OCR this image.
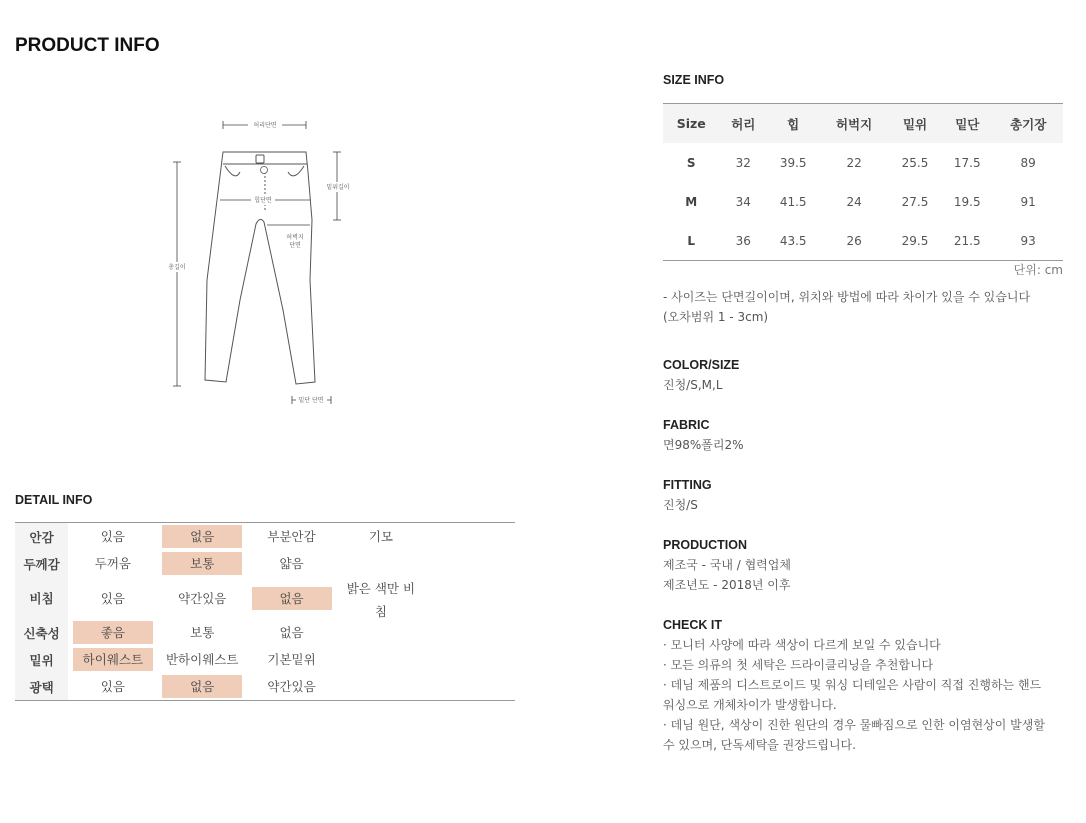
PRODUCT INFO
허리단면
총길이
밑위길이
힙단면
허벅지
단면
밑단 단면
DETAIL INFO
안감	있음	없음	부분안감	기모	
두께감	두꺼움	보통	얇음		
비침	있음	약간있음	없음	밝은 색만 비침	
신축성	좋음	보통	없음		
밑위	하이웨스트	반하이웨스트	기본밑위		
광택	있음	없음	약간있음		
SIZE INFO
Size	허리	힙	허벅지	밑위	밑단	총기장
S	32	39.5	22	25.5	17.5	89
M	34	41.5	24	27.5	19.5	91
L	36	43.5	26	29.5	21.5	93
단위: cm
- 사이즈는 단면길이이며, 위치와 방법에 따라 차이가 있을 수 있습니다
(오차범위 1 - 3cm)
COLOR/SIZE
진청/S,M,L
FABRIC
면98%폴리2%
FITTING
진청/S
PRODUCTION
제조국 - 국내 / 협력업체
제조년도 - 2018년 이후
CHECK IT
· 모니터 사양에 따라 색상이 다르게 보일 수 있습니다
· 모든 의류의 첫 세탁은 드라이클리닝을 추천합니다
· 데님 제품의 디스트로이드 및 워싱 디테일은 사람이 직접 진행하는 핸드
워싱으로 개체차이가 발생합니다.
· 데님 원단, 색상이 진한 원단의 경우 물빠짐으로 인한 이염현상이 발생할
수 있으며, 단독세탁을 권장드립니다.
